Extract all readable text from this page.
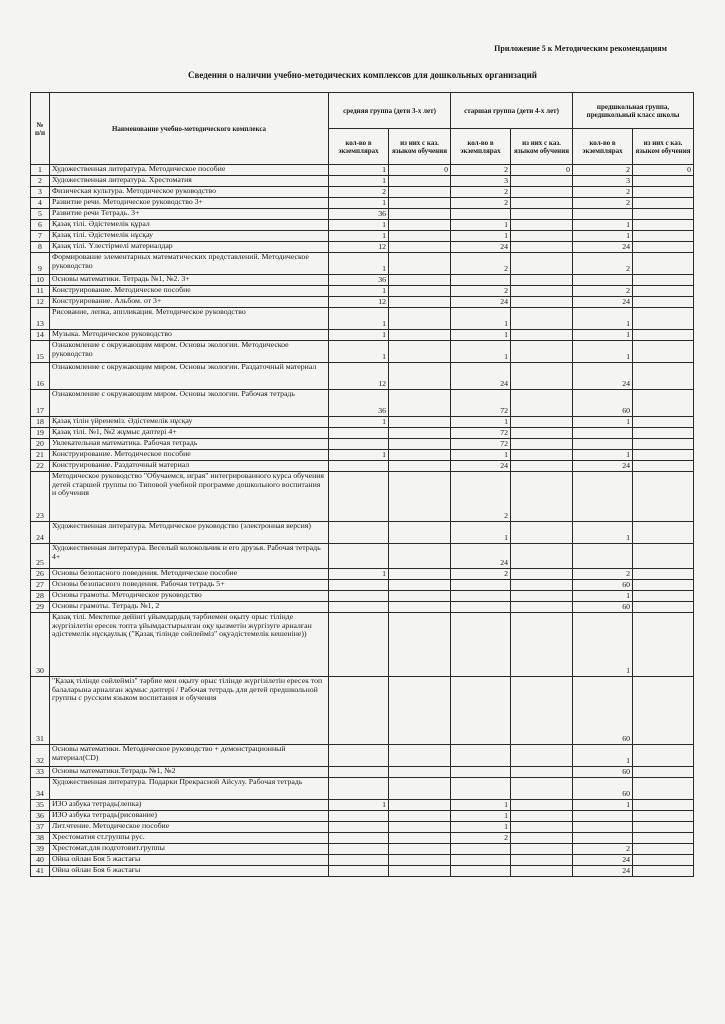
Приложение 5 к Методическим рекомендациям
Сведения о наличии учебно-методических комплексов для дошкольных организаций
№ п/п	Наименование учебно-методического комплекса	средняя группа (дети 3-х лет)		старшая группа (дети 4-х лет)		предшкольная группа, предшкольный класс школы	
		кол-во в экземплярах	из них с каз. языком обучения	кол-во в экземплярах	из них с каз. языком обучения	кол-во в экземплярах	из них с каз. языком обучения
1	Художественная литература. Методическое пособие	1	0	2	0	2	0
2	Художественная литература. Хрестоматия	1		3		3	
3	Физическая культура. Методическое руководство	2		2		2	
4	Развитие речи. Методическое руководство 3+	1		2		2	
5	Развитие речи Тетрадь. 3+	36					
6	Қазақ тілі. Әдістемелік құрал	1		1		1	
7	Қазақ тілі. Әдістемелік нұсқау	1		1		1	
8	Қазақ тілі. Үлестірмелі материалдар	12		24		24	
9	Формирование элементарных математических представлений. Методическое руководство	1		2		2	
10	Основы математики. Тетрадь №1, №2. 3+	36					
11	Конструирование. Методическое пособие	1		2		2	
12	Конструирование. Альбом. от 3+	12		24		24	
13	Рисование, лепка, аппликация. Методическое руководство	1		1		1	
14	Музыка. Методическое руководство	1		1		1	
15	Ознакомление с окружающим миром. Основы экологии. Методическое руководство	1		1		1	
16	Ознакомление с окружающим миром. Основы экологии. Раздаточный материал	12		24		24	
17	Ознакомление с окружающим миром. Основы экологии. Рабочая тетрадь	36		72		60	
18	Қазақ тілін үйренеміз. Әдістемелік нұсқау	1		1		1	
19	Қазақ тілі. №1, №2 жұмыс дәптері 4+			72			
20	Увлекательная математика. Рабочая тетрадь			72			
21	Конструирование. Методическое пособие	1		1		1	
22	Конструирование. Раздаточный материал			24		24	
23	Методическое руководство "Обучаемся, играя" интегрированного курса обучения детей старшей группы по Типовой учебной программе дошкольного воспитания и обучения			2			
24	Художественная литература. Методическое руководство (электронная версия)			1		1	
25	Художественная литература. Веселый колокольчик и его друзья. Рабочая тетрадь 4+			24			
26	Основы безопасного поведения. Методическое пособие	1		2		2	
27	Основы безопасного поведения. Рабочая тетрадь 5+					60	
28	Основы грамоты. Методическое руководство					1	
29	Основы грамоты. Тетрадь №1, 2					60	
30	Қазақ тілі. Мектепке дейінгі ұйымдардың тәрбиемен оқыту орыс тілінде жүргізілетін ересек топта ұйымдастырылған оқу қызметін жүргізуге арналған әдістемелік нұсқаулық ("Қазақ тілінде сөйлейміз" оқуәдістемелік кешеніне))					1	
31	"Қазақ тілінде сөйлейміз" тәрбие мен оқыту орыс тілінде жүргізілетін ересек топ балаларына арналған жұмыс дәптері / Рабочая тетрадь для детей предшкольной группы с русским языком воспитания и обучения					60	
32	Основы математики. Методическое руководство + демонстрационный материал(CD)					1	
33	Основы математики.Тетрадь №1, №2					60	
34	Художественная литература. Подарки Прекрасной Айсулу. Рабочая тетрадь					60	
35	ИЗО азбука тетрадь(лепка)	1		1		1	
36	ИЗО азбука тетрадь(рисование)			1			
37	Лит.чтение. Методическое пособие			1			
38	Хрестоматия ст.группы рус.			2			
39	Хрестомат.для подготовит.группы					2	
40	Ойна ойлан Боя 5 жастағы					24	
41	Ойна ойлан Боя 6 жастағы					24	
